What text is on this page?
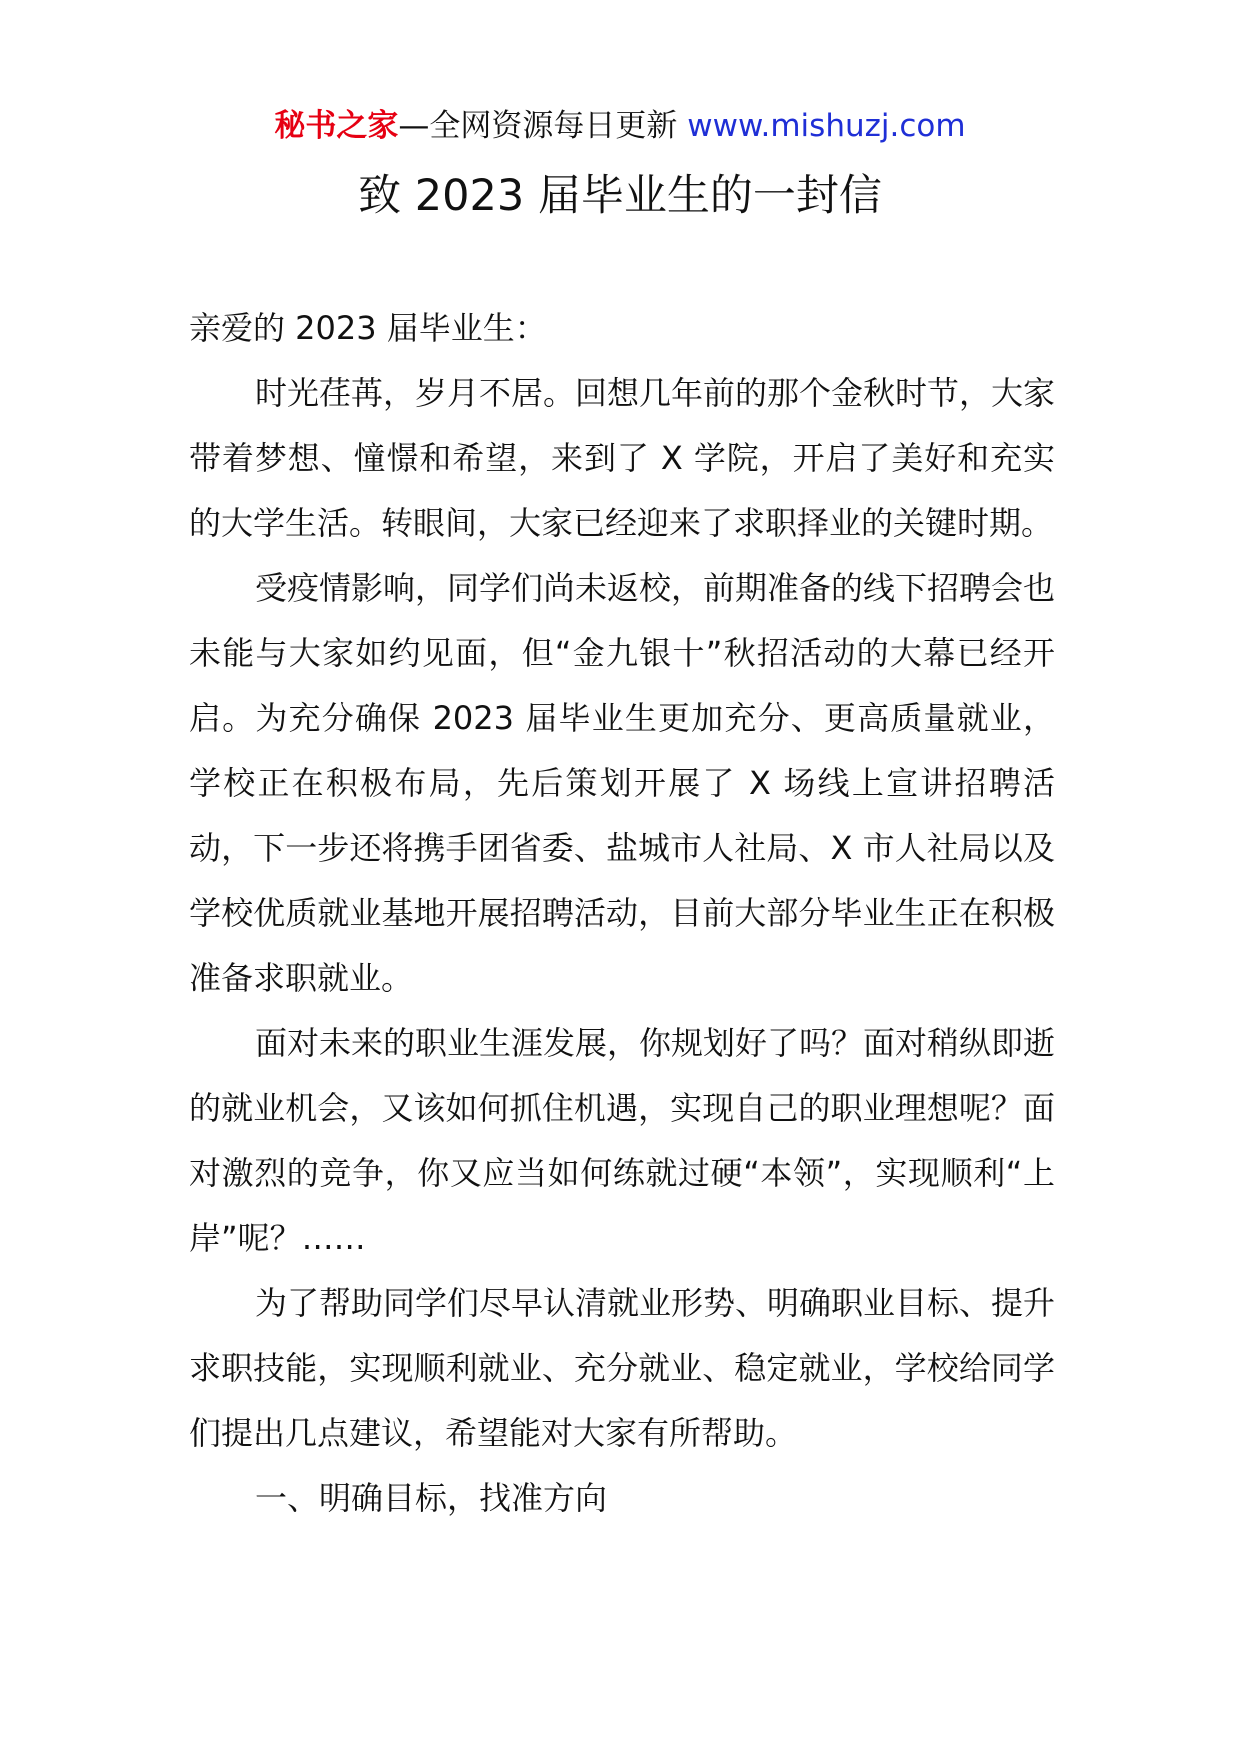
秘书之家—全网资源每日更新 www.mishuzj.com
致 2023 届毕业生的一封信

亲爱的 2023 届毕业生：

时光荏苒，岁月不居。回想几年前的那个金秋时节，大家带着梦想、憧憬和希望，来到了 X 学院，开启了美好和充实的大学生活。转眼间，大家已经迎来了求职择业的关键时期。

受疫情影响，同学们尚未返校，前期准备的线下招聘会也未能与大家如约见面，但“金九银十”秋招活动的大幕已经开启。为充分确保 2023 届毕业生更加充分、更高质量就业，学校正在积极布局，先后策划开展了 X 场线上宣讲招聘活动，下一步还将携手团省委、盐城市人社局、X 市人社局以及学校优质就业基地开展招聘活动，目前大部分毕业生正在积极准备求职就业。

面对未来的职业生涯发展，你规划好了吗？面对稍纵即逝的就业机会，又该如何抓住机遇，实现自己的职业理想呢？面对激烈的竞争，你又应当如何练就过硬“本领”，实现顺利“上岸”呢？……

为了帮助同学们尽早认清就业形势、明确职业目标、提升求职技能，实现顺利就业、充分就业、稳定就业，学校给同学们提出几点建议，希望能对大家有所帮助。

一、明确目标，找准方向
